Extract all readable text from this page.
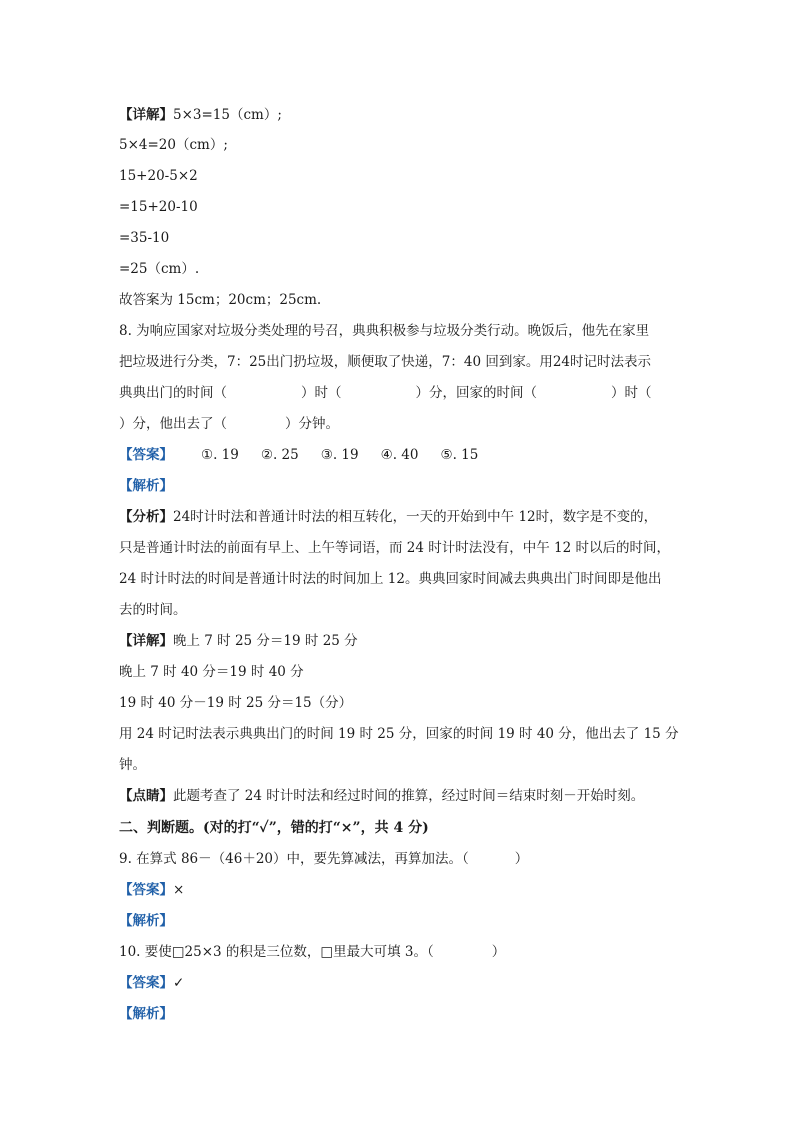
【详解】5×3=15（cm）;
5×4=20（cm）;
15+20-5×2
=15+20-10
=35-10
=25（cm）.
故答案为 15cm；20cm；25cm.
8. 为响应国家对垃圾分类处理的号召，典典积极参与垃圾分类行动。晚饭后，他先在家里
把垃圾进行分类，7：25出门扔垃圾，顺便取了快递，7：40 回到家。用24时记时法表示
典典出门的时间（	）时（	）分，回家的时间（	）时（
）分，他出去了（	）分钟。
【答案】 ①. 19 ②. 25 ③. 19 ④. 40 ⑤. 15
【解析】
【分析】24时计时法和普通计时法的相互转化，一天的开始到中午 12时，数字是不变的，
只是普通计时法的前面有早上、上午等词语，而 24 时计时法没有，中午 12 时以后的时间，
24 时计时法的时间是普通计时法的时间加上 12。典典回家时间减去典典出门时间即是他出
去的时间。
【详解】晚上 7 时 25 分＝19 时 25 分
晚上 7 时 40 分＝19 时 40 分
19 时 40 分－19 时 25 分＝15（分）
用 24 时记时法表示典典出门的时间 19 时 25 分，回家的时间 19 时 40 分，他出去了 15 分
钟。
【点睛】此题考查了 24 时计时法和经过时间的推算，经过时间＝结束时刻－开始时刻。
二、判断题。(对的打“✓”，错的打“×”，共 4 分)
9. 在算式 86－（46＋20）中，要先算减法，再算加法。（	）
【答案】×
【解析】
10. 要使□25×3 的积是三位数，□里最大可填 3。（	）
【答案】✓
【解析】
